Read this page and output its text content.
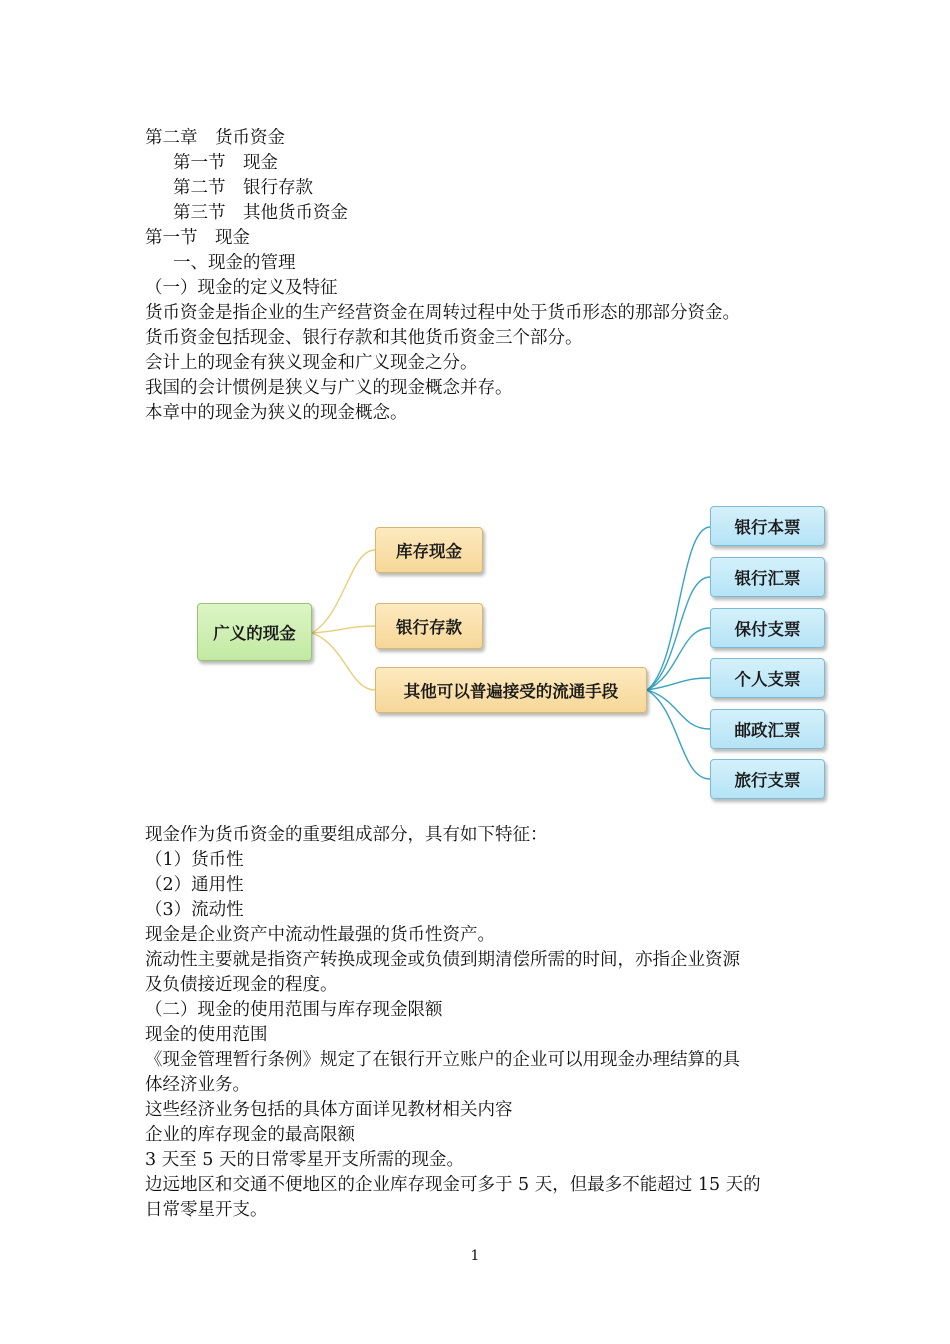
第二章　货币资金
第一节　现金
第二节　银行存款
第三节　其他货币资金
第一节　现金
一、现金的管理
（一）现金的定义及特征
货币资金是指企业的生产经营资金在周转过程中处于货币形态的那部分资金。
货币资金包括现金、银行存款和其他货币资金三个部分。
会计上的现金有狭义现金和广义现金之分。
我国的会计惯例是狭义与广义的现金概念并存。
本章中的现金为狭义的现金概念。
广义的现金
库存现金
银行存款
其他可以普遍接受的流通手段
银行本票
银行汇票
保付支票
个人支票
邮政汇票
旅行支票
现金作为货币资金的重要组成部分，具有如下特征：
（1）货币性
（2）通用性
（3）流动性
现金是企业资产中流动性最强的货币性资产。
流动性主要就是指资产转换成现金或负债到期清偿所需的时间，亦指企业资源
及负债接近现金的程度。
（二）现金的使用范围与库存现金限额
现金的使用范围
《现金管理暂行条例》规定了在银行开立账户的企业可以用现金办理结算的具
体经济业务。
这些经济业务包括的具体方面详见教材相关内容
企业的库存现金的最高限额
3 天至 5 天的日常零星开支所需的现金。
边远地区和交通不便地区的企业库存现金可多于 5 天，但最多不能超过 15 天的
日常零星开支。
1
